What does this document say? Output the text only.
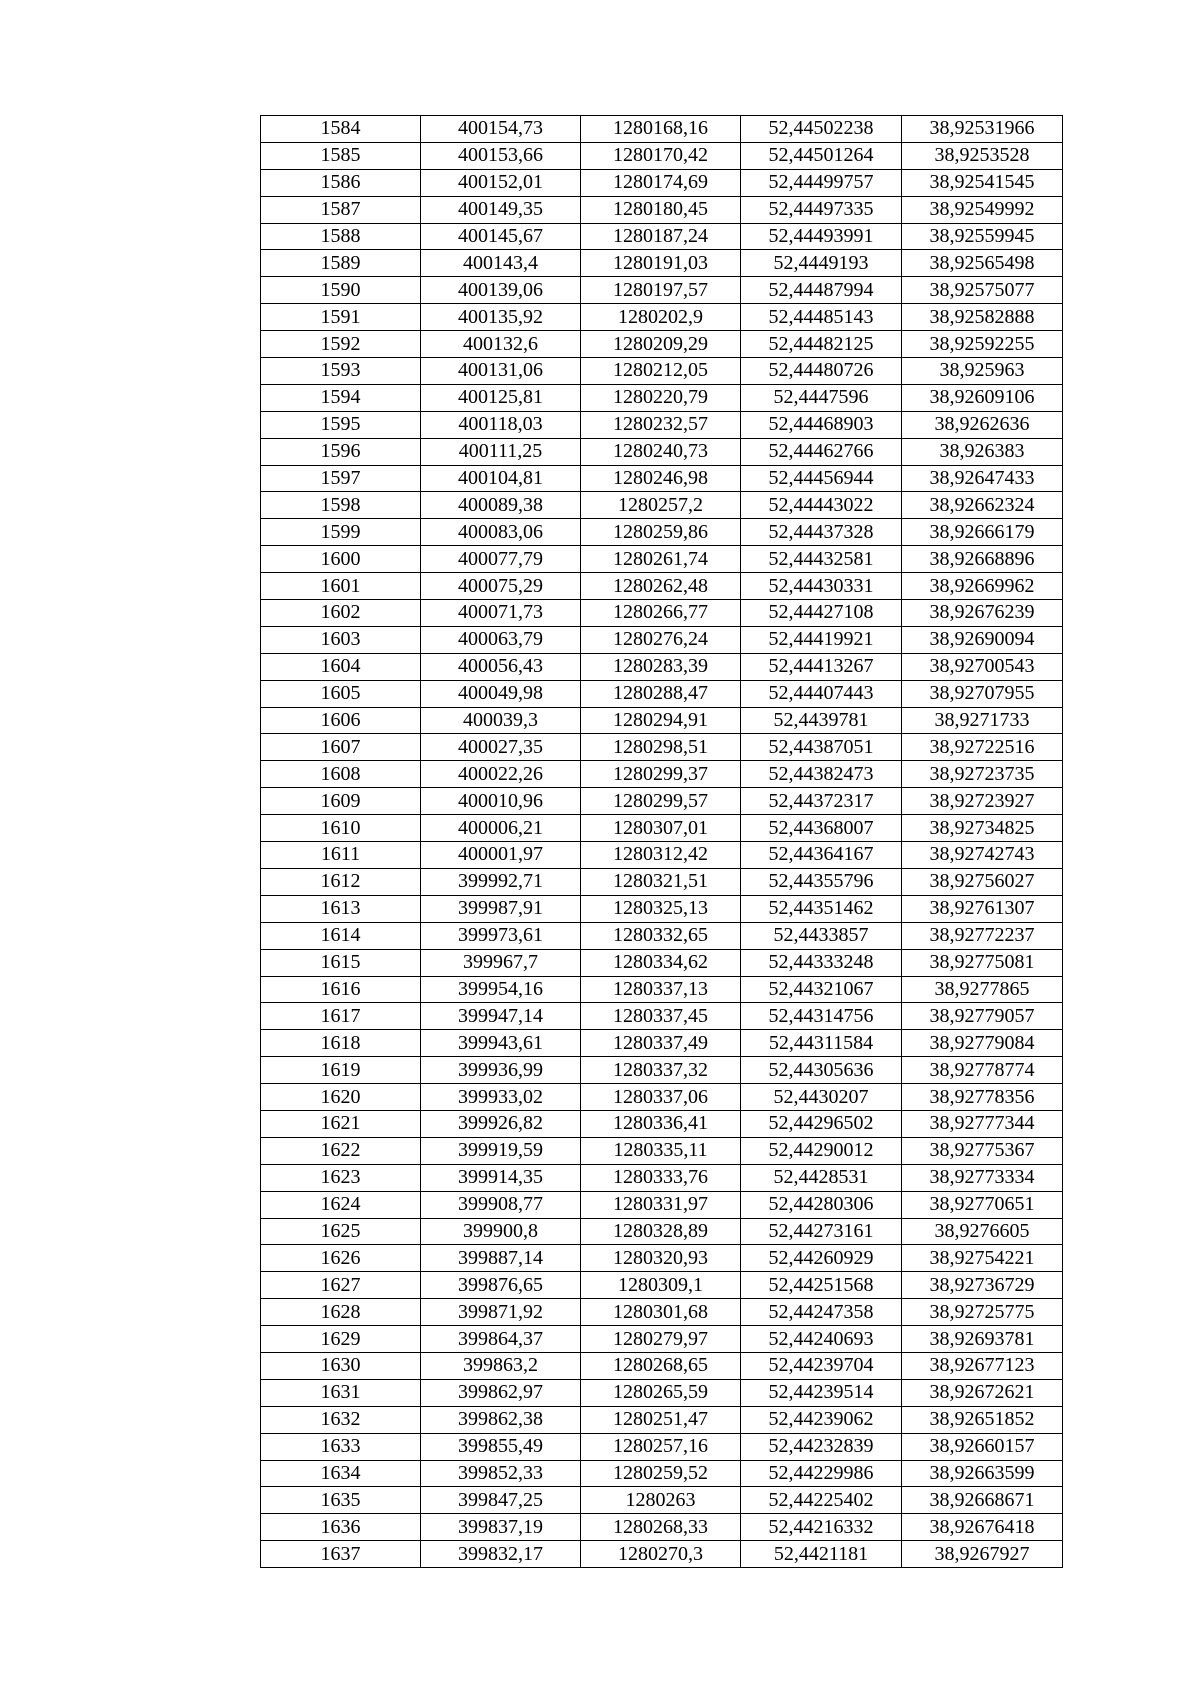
1584	400154,73	1280168,16	52,44502238	38,92531966
1585	400153,66	1280170,42	52,44501264	38,9253528
1586	400152,01	1280174,69	52,44499757	38,92541545
1587	400149,35	1280180,45	52,44497335	38,92549992
1588	400145,67	1280187,24	52,44493991	38,92559945
1589	400143,4	1280191,03	52,4449193	38,92565498
1590	400139,06	1280197,57	52,44487994	38,92575077
1591	400135,92	1280202,9	52,44485143	38,92582888
1592	400132,6	1280209,29	52,44482125	38,92592255
1593	400131,06	1280212,05	52,44480726	38,925963
1594	400125,81	1280220,79	52,4447596	38,92609106
1595	400118,03	1280232,57	52,44468903	38,9262636
1596	400111,25	1280240,73	52,44462766	38,926383
1597	400104,81	1280246,98	52,44456944	38,92647433
1598	400089,38	1280257,2	52,44443022	38,92662324
1599	400083,06	1280259,86	52,44437328	38,92666179
1600	400077,79	1280261,74	52,44432581	38,92668896
1601	400075,29	1280262,48	52,44430331	38,92669962
1602	400071,73	1280266,77	52,44427108	38,92676239
1603	400063,79	1280276,24	52,44419921	38,92690094
1604	400056,43	1280283,39	52,44413267	38,92700543
1605	400049,98	1280288,47	52,44407443	38,92707955
1606	400039,3	1280294,91	52,4439781	38,9271733
1607	400027,35	1280298,51	52,44387051	38,92722516
1608	400022,26	1280299,37	52,44382473	38,92723735
1609	400010,96	1280299,57	52,44372317	38,92723927
1610	400006,21	1280307,01	52,44368007	38,92734825
1611	400001,97	1280312,42	52,44364167	38,92742743
1612	399992,71	1280321,51	52,44355796	38,92756027
1613	399987,91	1280325,13	52,44351462	38,92761307
1614	399973,61	1280332,65	52,4433857	38,92772237
1615	399967,7	1280334,62	52,44333248	38,92775081
1616	399954,16	1280337,13	52,44321067	38,9277865
1617	399947,14	1280337,45	52,44314756	38,92779057
1618	399943,61	1280337,49	52,44311584	38,92779084
1619	399936,99	1280337,32	52,44305636	38,92778774
1620	399933,02	1280337,06	52,4430207	38,92778356
1621	399926,82	1280336,41	52,44296502	38,92777344
1622	399919,59	1280335,11	52,44290012	38,92775367
1623	399914,35	1280333,76	52,4428531	38,92773334
1624	399908,77	1280331,97	52,44280306	38,92770651
1625	399900,8	1280328,89	52,44273161	38,9276605
1626	399887,14	1280320,93	52,44260929	38,92754221
1627	399876,65	1280309,1	52,44251568	38,92736729
1628	399871,92	1280301,68	52,44247358	38,92725775
1629	399864,37	1280279,97	52,44240693	38,92693781
1630	399863,2	1280268,65	52,44239704	38,92677123
1631	399862,97	1280265,59	52,44239514	38,92672621
1632	399862,38	1280251,47	52,44239062	38,92651852
1633	399855,49	1280257,16	52,44232839	38,92660157
1634	399852,33	1280259,52	52,44229986	38,92663599
1635	399847,25	1280263	52,44225402	38,92668671
1636	399837,19	1280268,33	52,44216332	38,92676418
1637	399832,17	1280270,3	52,4421181	38,9267927
